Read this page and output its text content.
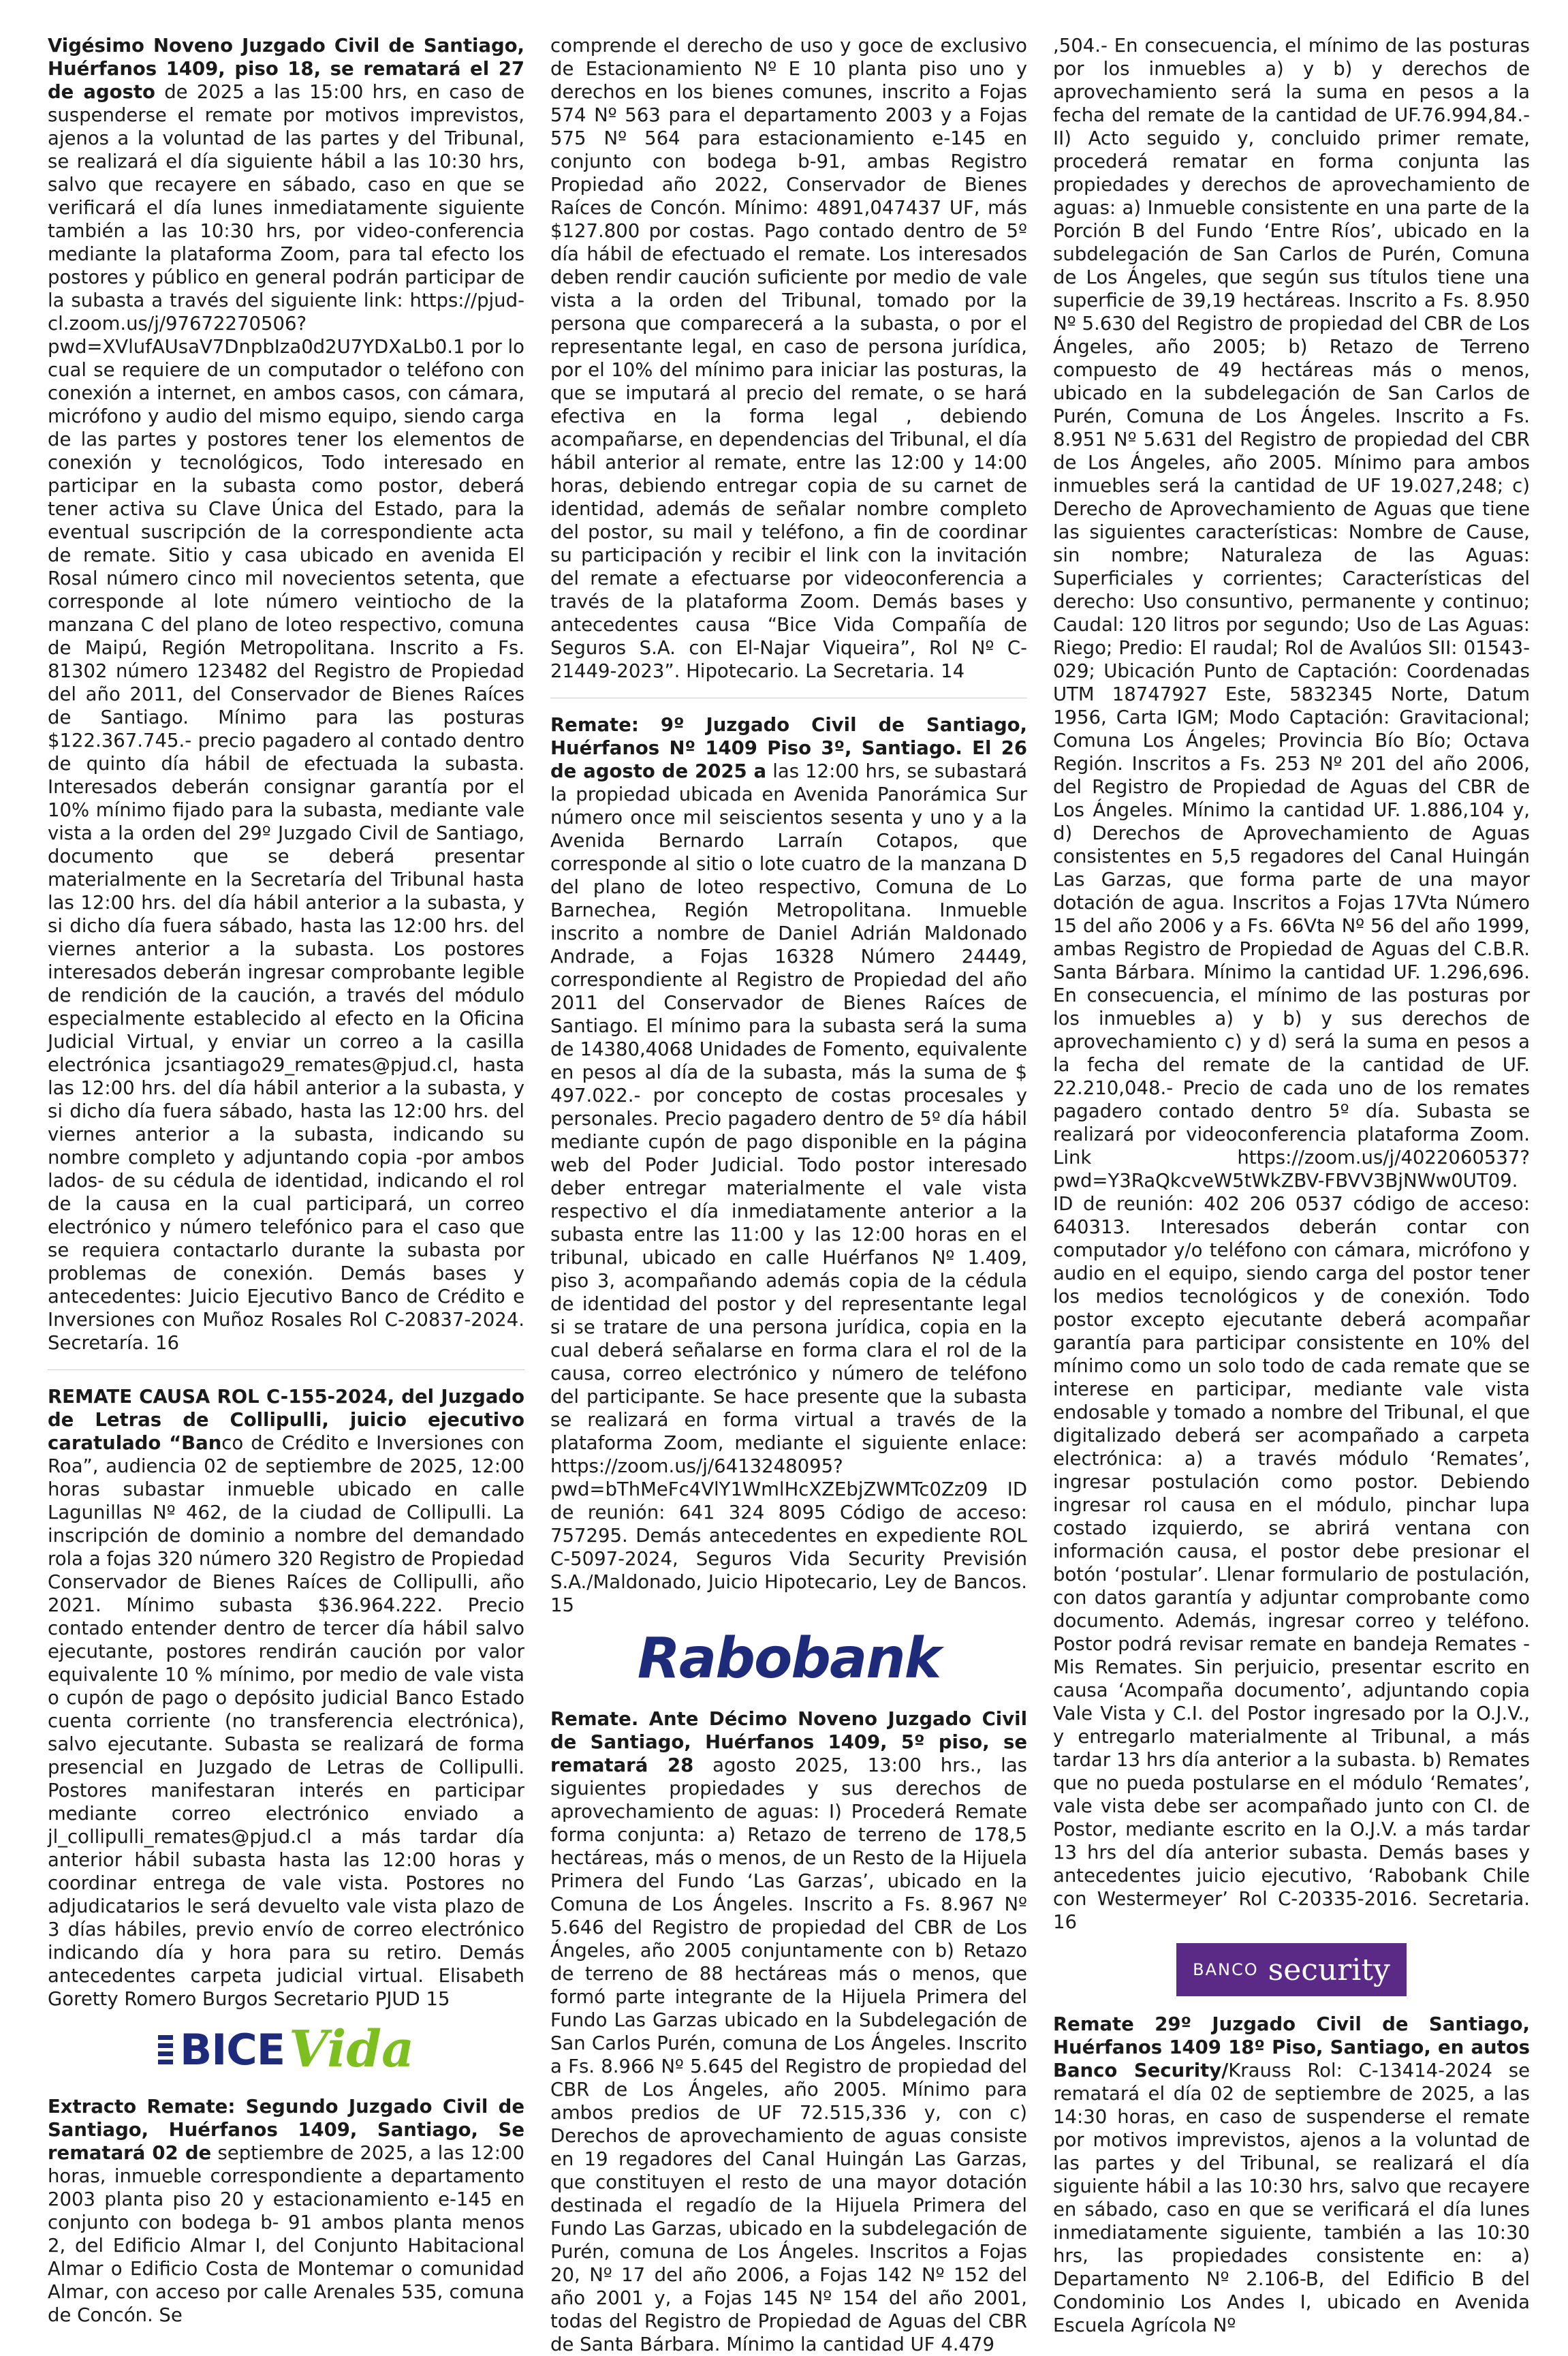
Vigésimo Noveno Juzgado Civil de Santiago, Huérfanos 1409, piso 18, se rematará el 27 de agosto de 2025 a las 15:00 hrs, en caso de suspenderse el remate por motivos imprevistos, ajenos a la voluntad de las partes y del Tribunal, se realizará el día siguiente hábil a las 10:30 hrs, salvo que recayere en sábado, caso en que se verificará el día lunes inmediatamente siguiente también a las 10:30 hrs, por video-conferencia mediante la plataforma Zoom, para tal efecto los postores y público en general podrán participar de la subasta a través del siguiente link: https://pjud-cl.zoom.us/j/97672270506?pwd=XVlufAUsaV7DnpbIza0d2U7YDXaLb0.1 por lo cual se requiere de un computador o teléfono con conexión a internet, en ambos casos, con cámara, micrófono y audio del mismo equipo, siendo carga de las partes y postores tener los elementos de conexión y tecnológicos, Todo interesado en participar en la subasta como postor, deberá tener activa su Clave Única del Estado, para la eventual suscripción de la correspondiente acta de remate. Sitio y casa ubicado en avenida El Rosal número cinco mil novecientos setenta, que corresponde al lote número veintiocho de la manzana C del plano de loteo respectivo, comuna de Maipú, Región Metropolitana. Inscrito a Fs. 81302 número 123482 del Registro de Propiedad del año 2011, del Conservador de Bienes Raíces de Santiago. Mínimo para las posturas $122.367.745.- precio pagadero al contado dentro de quinto día hábil de efectuada la subasta. Interesados deberán consignar garantía por el 10% mínimo fijado para la subasta, mediante vale vista a la orden del 29º Juzgado Civil de Santiago, documento que se deberá presentar materialmente en la Secretaría del Tribunal hasta las 12:00 hrs. del día hábil anterior a la subasta, y si dicho día fuera sábado, hasta las 12:00 hrs. del viernes anterior a la subasta. Los postores interesados deberán ingresar comprobante legible de rendición de la caución, a través del módulo especialmente establecido al efecto en la Oficina Judicial Virtual, y enviar un correo a la casilla electrónica jcsantiago29_remates@pjud.cl, hasta las 12:00 hrs. del día hábil anterior a la subasta, y si dicho día fuera sábado, hasta las 12:00 hrs. del viernes anterior a la subasta, indicando su nombre completo y adjuntando copia -por ambos lados- de su cédula de identidad, indicando el rol de la causa en la cual participará, un correo electrónico y número telefónico para el caso que se requiera contactarlo durante la subasta por problemas de conexión. Demás bases y antecedentes: Juicio Ejecutivo Banco de Crédito e Inversiones con Muñoz Rosales Rol C-20837-2024. Secretaría. 16
REMATE CAUSA ROL C-155-2024, del Juzgado de Letras de Collipulli, juicio ejecutivo caratulado “Banco de Crédito e Inversiones con Roa”, audiencia 02 de septiembre de 2025, 12:00 horas subastar inmueble ubicado en calle Lagunillas Nº 462, de la ciudad de Collipulli. La inscripción de dominio a nombre del demandado rola a fojas 320 número 320 Registro de Propiedad Conservador de Bienes Raíces de Collipulli, año 2021. Mínimo subasta $36.964.222. Precio contado entender dentro de tercer día hábil salvo ejecutante, postores rendirán caución por valor equivalente 10 % mínimo, por medio de vale vista o cupón de pago o depósito judicial Banco Estado cuenta corriente (no transferencia electrónica), salvo ejecutante. Subasta se realizará de forma presencial en Juzgado de Letras de Collipulli. Postores manifestaran interés en participar mediante correo electrónico enviado a jl_collipulli_remates@pjud.cl a más tardar día anterior hábil subasta hasta las 12:00 horas y coordinar entrega de vale vista. Postores no adjudicatarios le será devuelto vale vista plazo de 3 días hábiles, previo envío de correo electrónico indicando día y hora para su retiro. Demás antecedentes carpeta judicial virtual. Elisabeth Goretty Romero Burgos Secretario PJUD 15
BICE Vida
Extracto Remate: Segundo Juzgado Civil de Santiago, Huérfanos 1409, Santiago, Se rematará 02 de septiembre de 2025, a las 12:00 horas, inmueble correspondiente a departamento 2003 planta piso 20 y estacionamiento e-145 en conjunto con bodega b- 91 ambos planta menos 2, del Edificio Almar I, del Conjunto Habitacional Almar o Edificio Costa de Montemar o comunidad Almar, con acceso por calle Arenales 535, comuna de Concón. Se
comprende el derecho de uso y goce de exclusivo de Estacionamiento Nº E 10 planta piso uno y derechos en los bienes comunes, inscrito a Fojas 574 Nº 563 para el departamento 2003 y a Fojas 575 Nº 564 para estacionamiento e-145 en conjunto con bodega b-91, ambas Registro Propiedad año 2022, Conservador de Bienes Raíces de Concón. Mínimo: 4891,047437 UF, más $127.800 por costas. Pago contado dentro de 5º día hábil de efectuado el remate. Los interesados deben rendir caución suficiente por medio de vale vista a la orden del Tribunal, tomado por la persona que comparecerá a la subasta, o por el representante legal, en caso de persona jurídica, por el 10% del mínimo para iniciar las posturas, la que se imputará al precio del remate, o se hará efectiva en la forma legal , debiendo acompañarse, en dependencias del Tribunal, el día hábil anterior al remate, entre las 12:00 y 14:00 horas, debiendo entregar copia de su carnet de identidad, además de señalar nombre completo del postor, su mail y teléfono, a fin de coordinar su participación y recibir el link con la invitación del remate a efectuarse por videoconferencia a través de la plataforma Zoom. Demás bases y antecedentes causa “Bice Vida Compañía de Seguros S.A. con El-Najar Viqueira”, Rol Nº C-21449-2023”. Hipotecario. La Secretaria. 14
Remate: 9º Juzgado Civil de Santiago, Huérfanos Nº 1409 Piso 3º, Santiago. El 26 de agosto de 2025 a las 12:00 hrs, se subastará la propiedad ubicada en Avenida Panorámica Sur número once mil seiscientos sesenta y uno y a la Avenida Bernardo Larraín Cotapos, que corresponde al sitio o lote cuatro de la manzana D del plano de loteo respectivo, Comuna de Lo Barnechea, Región Metropolitana. Inmueble inscrito a nombre de Daniel Adrián Maldonado Andrade, a Fojas 16328 Número 24449, correspondiente al Registro de Propiedad del año 2011 del Conservador de Bienes Raíces de Santiago. El mínimo para la subasta será la suma de 14380,4068 Unidades de Fomento, equivalente en pesos al día de la subasta, más la suma de $ 497.022.- por concepto de costas procesales y personales. Precio pagadero dentro de 5º día hábil mediante cupón de pago disponible en la página web del Poder Judicial. Todo postor interesado deber entregar materialmente el vale vista respectivo el día inmediatamente anterior a la subasta entre las 11:00 y las 12:00 horas en el tribunal, ubicado en calle Huérfanos Nº 1.409, piso 3, acompañando además copia de la cédula de identidad del postor y del representante legal si se tratare de una persona jurídica, copia en la cual deberá señalarse en forma clara el rol de la causa, correo electrónico y número de teléfono del participante. Se hace presente que la subasta se realizará en forma virtual a través de la plataforma Zoom, mediante el siguiente enlace: https://zoom.us/j/6413248095?pwd=bThMeFc4VlY1WmlHcXZEbjZWMTc0Zz09 ID de reunión: 641 324 8095 Código de acceso: 757295. Demás antecedentes en expediente ROL C-5097-2024, Seguros Vida Security Previsión S.A./Maldonado, Juicio Hipotecario, Ley de Bancos. 15
Rabobank
Remate. Ante Décimo Noveno Juzgado Civil de Santiago, Huérfanos 1409, 5º piso, se rematará 28 agosto 2025, 13:00 hrs., las siguientes propiedades y sus derechos de aprovechamiento de aguas: I) Procederá Remate forma conjunta: a) Retazo de terreno de 178,5 hectáreas, más o menos, de un Resto de la Hijuela Primera del Fundo ‘Las Garzas’, ubicado en la Comuna de Los Ángeles. Inscrito a Fs. 8.967 Nº 5.646 del Registro de propiedad del CBR de Los Ángeles, año 2005 conjuntamente con b) Retazo de terreno de 88 hectáreas más o menos, que formó parte integrante de la Hijuela Primera del Fundo Las Garzas ubicado en la Subdelegación de San Carlos Purén, comuna de Los Ángeles. Inscrito a Fs. 8.966 Nº 5.645 del Registro de propiedad del CBR de Los Ángeles, año 2005. Mínimo para ambos predios de UF 72.515,336 y, con c) Derechos de aprovechamiento de aguas consiste en 19 regadores del Canal Huingán Las Garzas, que constituyen el resto de una mayor dotación destinada el regadío de la Hijuela Primera del Fundo Las Garzas, ubicado en la subdelegación de Purén, comuna de Los Ángeles. Inscritos a Fojas 20, Nº 17 del año 2006, a Fojas 142 Nº 152 del año 2001 y, a Fojas 145 Nº 154 del año 2001, todas del Registro de Propiedad de Aguas del CBR de Santa Bárbara. Mínimo la cantidad UF 4.479
,504.- En consecuencia, el mínimo de las posturas por los inmuebles a) y b) y derechos de aprovechamiento será la suma en pesos a la fecha del remate de la cantidad de UF.76.994,84.- II) Acto seguido y, concluido primer remate, procederá rematar en forma conjunta las propiedades y derechos de aprovechamiento de aguas: a) Inmueble consistente en una parte de la Porción B del Fundo ‘Entre Ríos’, ubicado en la subdelegación de San Carlos de Purén, Comuna de Los Ángeles, que según sus títulos tiene una superficie de 39,19 hectáreas. Inscrito a Fs. 8.950 Nº 5.630 del Registro de propiedad del CBR de Los Ángeles, año 2005; b) Retazo de Terreno compuesto de 49 hectáreas más o menos, ubicado en la subdelegación de San Carlos de Purén, Comuna de Los Ángeles. Inscrito a Fs. 8.951 Nº 5.631 del Registro de propiedad del CBR de Los Ángeles, año 2005. Mínimo para ambos inmuebles será la cantidad de UF 19.027,248; c) Derecho de Aprovechamiento de Aguas que tiene las siguientes características: Nombre de Cause, sin nombre; Naturaleza de las Aguas: Superficiales y corrientes; Características del derecho: Uso consuntivo, permanente y continuo; Caudal: 120 litros por segundo; Uso de Las Aguas: Riego; Predio: El raudal; Rol de Avalúos SII: 01543-029; Ubicación Punto de Captación: Coordenadas UTM 18747927 Este, 5832345 Norte, Datum 1956, Carta IGM; Modo Captación: Gravitacional; Comuna Los Ángeles; Provincia Bío Bío; Octava Región. Inscritos a Fs. 253 Nº 201 del año 2006, del Registro de Propiedad de Aguas del CBR de Los Ángeles. Mínimo la cantidad UF. 1.886,104 y, d) Derechos de Aprovechamiento de Aguas consistentes en 5,5 regadores del Canal Huingán Las Garzas, que forma parte de una mayor dotación de agua. Inscritos a Fojas 17Vta Número 15 del año 2006 y a Fs. 66Vta Nº 56 del año 1999, ambas Registro de Propiedad de Aguas del C.B.R. Santa Bárbara. Mínimo la cantidad UF. 1.296,696. En consecuencia, el mínimo de las posturas por los inmuebles a) y b) y sus derechos de aprovechamiento c) y d) será la suma en pesos a la fecha del remate de la cantidad de UF. 22.210,048.- Precio de cada uno de los remates pagadero contado dentro 5º día. Subasta se realizará por videoconferencia plataforma Zoom. Link https://zoom.us/j/4022060537?pwd=Y3RaQkcveW5tWkZBV-FBVV3BjNWw0UT09. ID de reunión: 402 206 0537 código de acceso: 640313. Interesados deberán contar con computador y/o teléfono con cámara, micrófono y audio en el equipo, siendo carga del postor tener los medios tecnológicos y de conexión. Todo postor excepto ejecutante deberá acompañar garantía para participar consistente en 10% del mínimo como un solo todo de cada remate que se interese en participar, mediante vale vista endosable y tomado a nombre del Tribunal, el que digitalizado deberá ser acompañado a carpeta electrónica: a) a través módulo ‘Remates’, ingresar postulación como postor. Debiendo ingresar rol causa en el módulo, pinchar lupa costado izquierdo, se abrirá ventana con información causa, el postor debe presionar el botón ‘postular’. Llenar formulario de postulación, con datos garantía y adjuntar comprobante como documento. Además, ingresar correo y teléfono. Postor podrá revisar remate en bandeja Remates - Mis Remates. Sin perjuicio, presentar escrito en causa ‘Acompaña documento’, adjuntando copia Vale Vista y C.I. del Postor ingresado por la O.J.V., y entregarlo materialmente al Tribunal, a más tardar 13 hrs día anterior a la subasta. b) Remates que no pueda postularse en el módulo ‘Remates’, vale vista debe ser acompañado junto con CI. de Postor, mediante escrito en la O.J.V. a más tardar 13 hrs del día anterior subasta. Demás bases y antecedentes juicio ejecutivo, ‘Rabobank Chile con Westermeyer’ Rol C-20335-2016. Secretaria. 16
BANCO security
Remate 29º Juzgado Civil de Santiago, Huérfanos 1409 18º Piso, Santiago, en autos Banco Security/Krauss Rol: C-13414-2024 se rematará el día 02 de septiembre de 2025, a las 14:30 horas, en caso de suspenderse el remate por motivos imprevistos, ajenos a la voluntad de las partes y del Tribunal, se realizará el día siguiente hábil a las 10:30 hrs, salvo que recayere en sábado, caso en que se verificará el día lunes inmediatamente siguiente, también a las 10:30 hrs, las propiedades consistente en: a) Departamento Nº 2.106-B, del Edificio B del Condominio Los Andes I, ubicado en Avenida Escuela Agrícola Nº
